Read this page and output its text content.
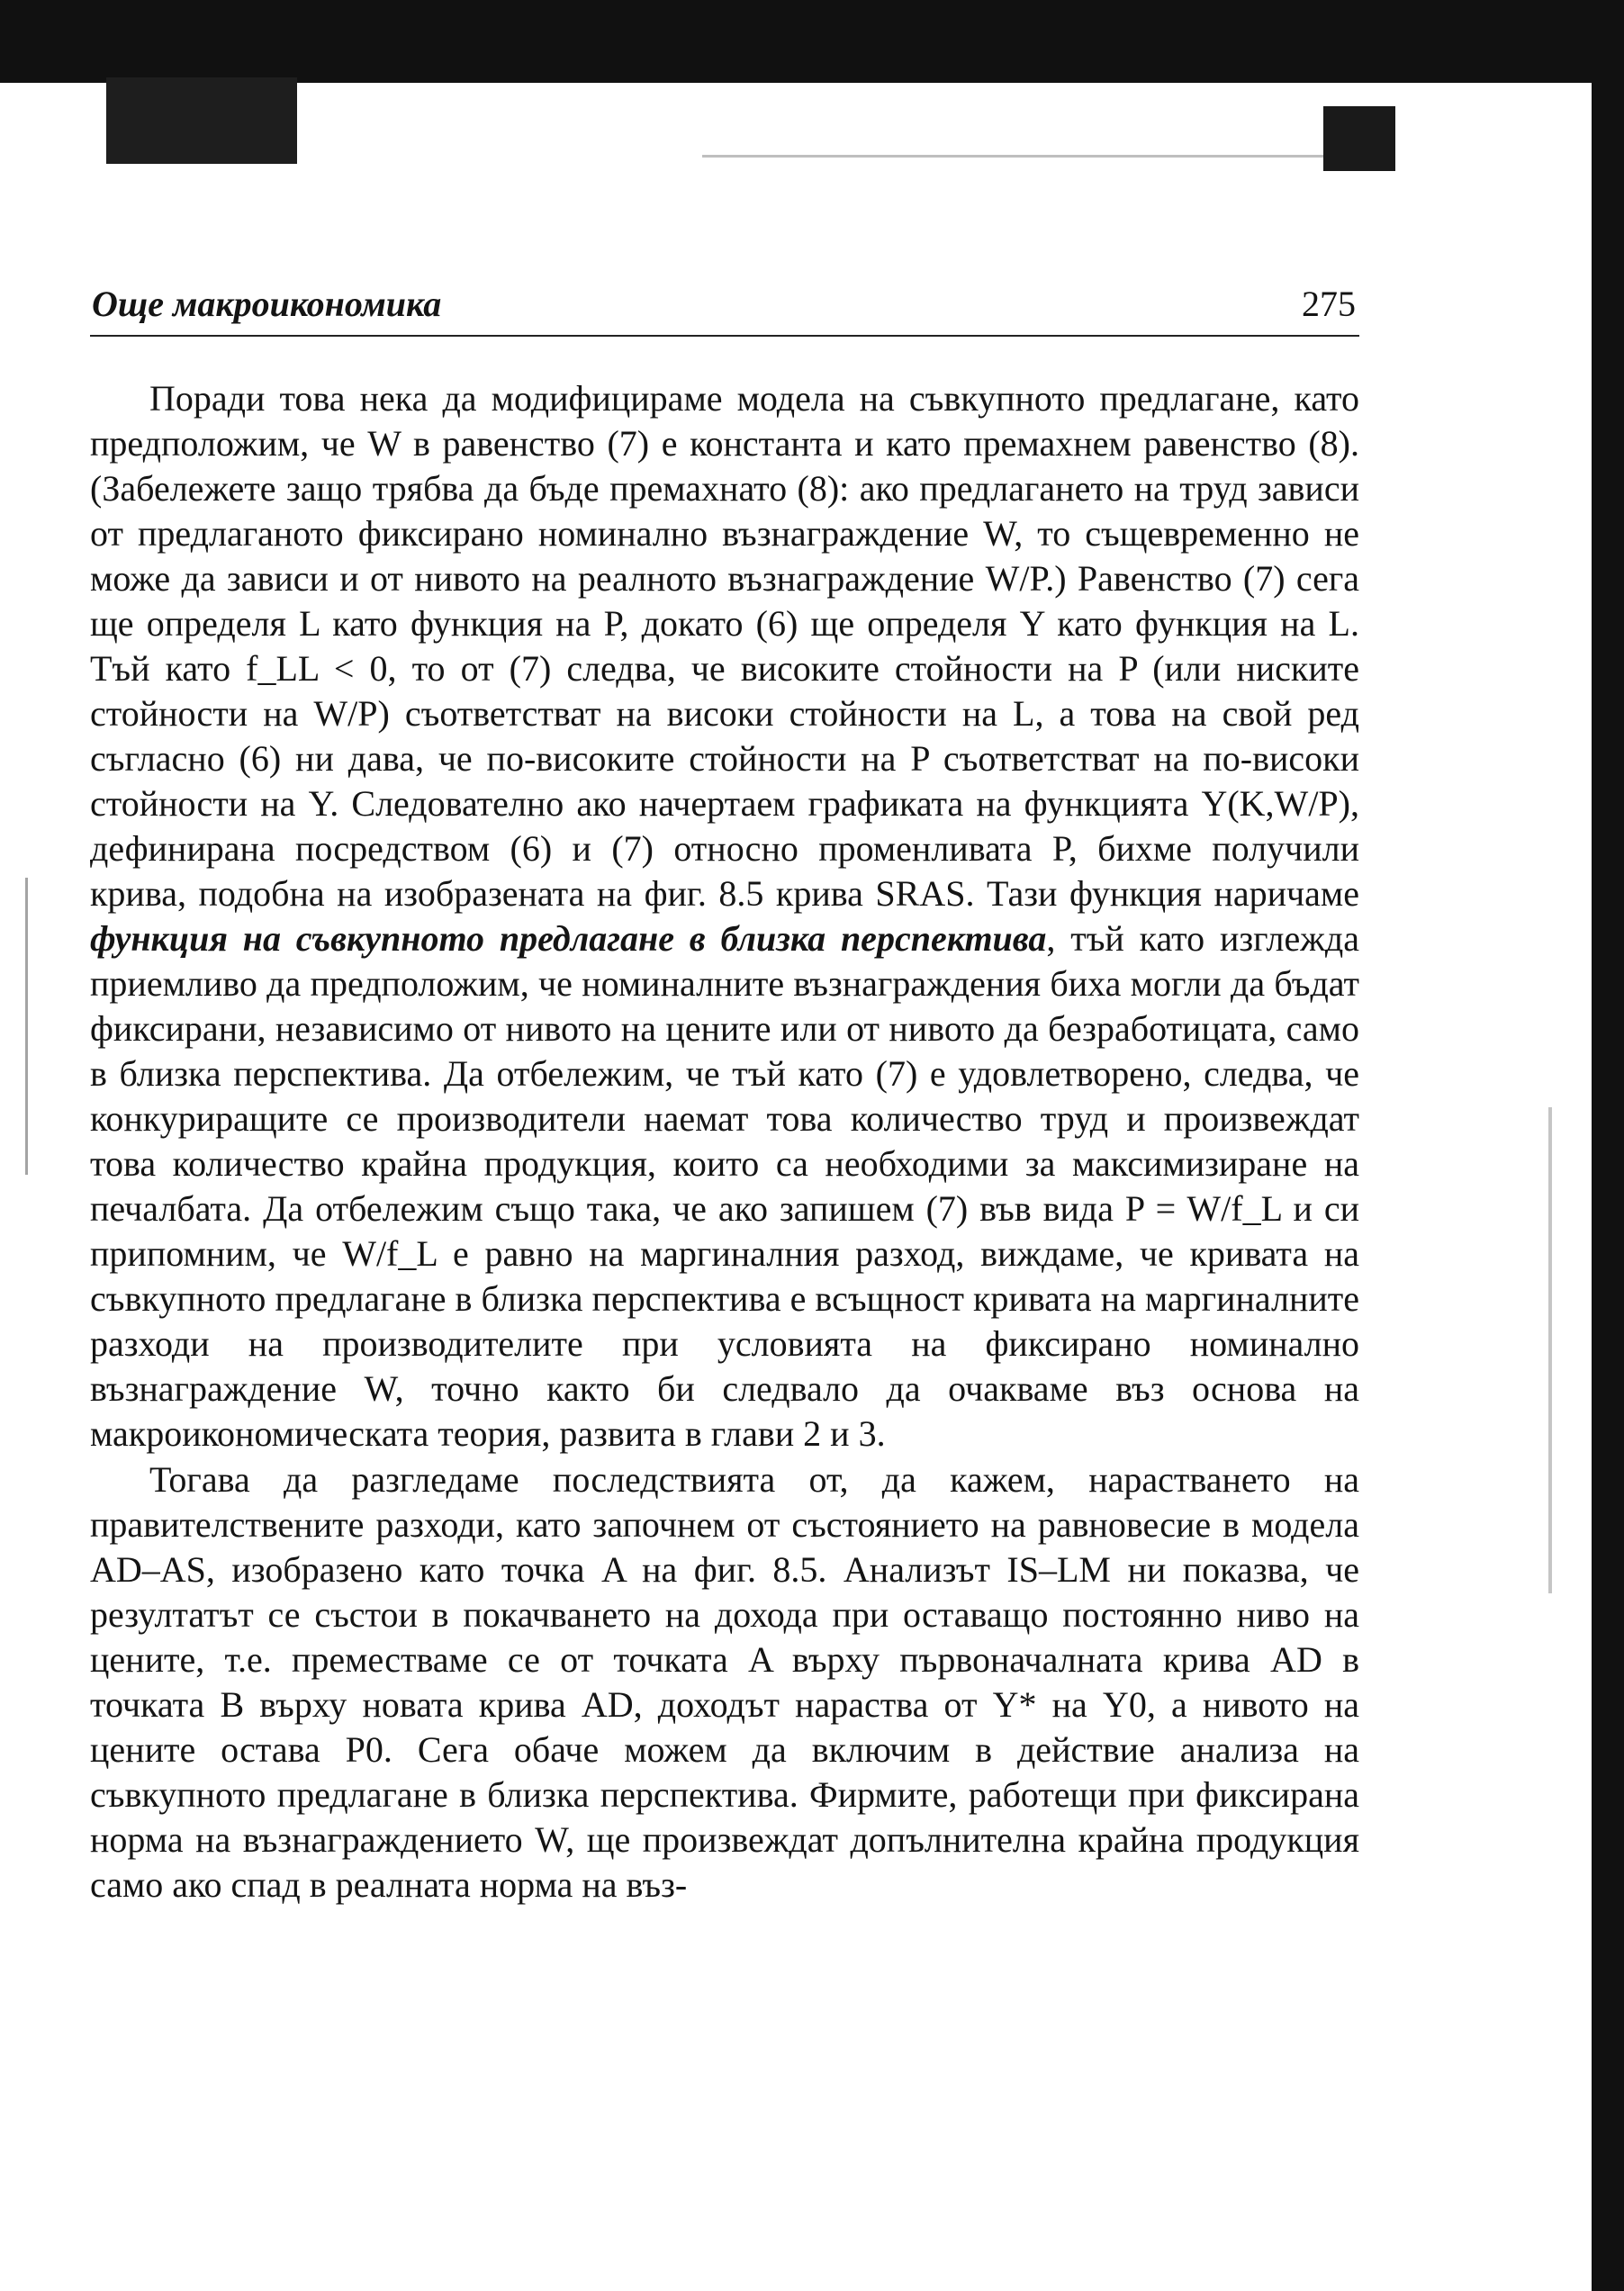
Още макроикономика	275

Поради това нека да модифицираме модела на съвкупното предлагане, като предположим, че W в равенство (7) е константа и като премахнем равенство (8). (Забележете защо трябва да бъде премахнато (8): ако предлагането на труд зависи от предлаганото фиксирано номинално възнаграждение W, то същевременно не може да зависи и от нивото на реалното възнаграждение W/P.) Равенство (7) сега ще определя L като функция на P, докато (6) ще определя Y като функция на L. Тъй като f_LL < 0, то от (7) следва, че високите стойности на P (или ниските стойности на W/P) съответстват на високи стойности на L, а това на свой ред съгласно (6) ни дава, че по-високите стойности на P съответстват на по-високи стойности на Y. Следователно ако начертаем графиката на функцията Y(K,W/P), дефинирана посредством (6) и (7) относно променливата P, бихме получили крива, подобна на изобразената на фиг. 8.5 крива SRAS. Тази функция наричаме функция на съвкупното предлагане в близка перспектива, тъй като изглежда приемливо да предположим, че номиналните възнаграждения биха могли да бъдат фиксирани, независимо от нивото на цените или от нивото да безработицата, само в близка перспектива. Да отбележим, че тъй като (7) е удовлетворено, следва, че конкуриращите се производители наемат това количество труд и произвеждат това количество крайна продукция, които са необходими за максимизиране на печалбата. Да отбележим също така, че ако запишем (7) във вида P = W/f_L и си припомним, че W/f_L е равно на маргиналния разход, виждаме, че кривата на съвкупното предлагане в близка перспектива е всъщност кривата на маргиналните разходи на производителите при условията на фиксирано номинално възнаграждение W, точно както би следвало да очакваме въз основа на макроикономическата теория, развита в глави 2 и 3.

Тогава да разгледаме последствията от, да кажем, нарастването на правителствените разходи, като започнем от състоянието на равновесие в модела AD–AS, изобразено като точка A на фиг. 8.5. Анализът IS–LM ни показва, че резултатът се състои в покачването на дохода при оставащо постоянно ниво на цените, т.е. преместваме се от точката A върху първоначалната крива AD в точката B върху новата крива AD, доходът нараства от Y* на Y0, а нивото на цените остава P0. Сега обаче можем да включим в действие анализа на съвкупното предлагане в близка перспектива. Фирмите, работещи при фиксирана норма на възнаграждението W, ще произвеждат допълнителна крайна продукция само ако спад в реалната норма на въз-
